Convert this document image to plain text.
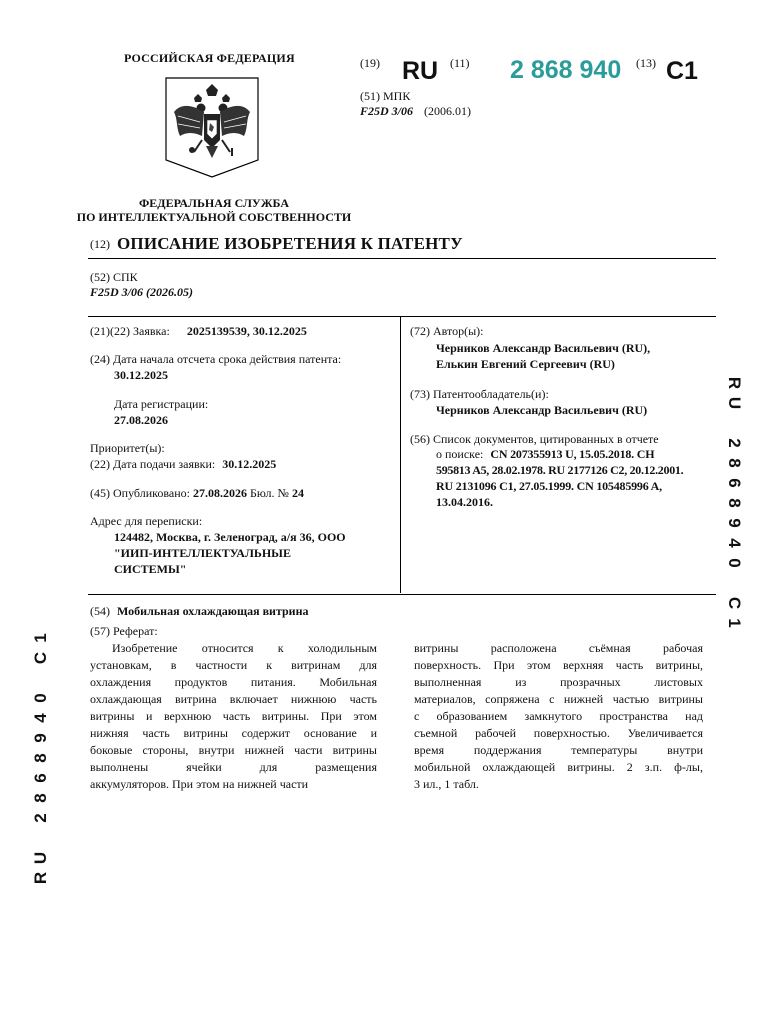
РОССИЙСКАЯ ФЕДЕРАЦИЯ
ФЕДЕРАЛЬНАЯ СЛУЖБА
ПО ИНТЕЛЛЕКТУАЛЬНОЙ СОБСТВЕННОСТИ
(19) RU (11) 2 868 940 (13) C1
(51) МПК
F25D 3/06 (2006.01)
(12) ОПИСАНИЕ ИЗОБРЕТЕНИЯ К ПАТЕНТУ
(52) СПК
F25D 3/06 (2026.05)
(21)(22) Заявка: 2025139539, 30.12.2025
(24) Дата начала отсчета срока действия патента:
30.12.2025
Дата регистрации:
27.08.2026
Приоритет(ы):
(22) Дата подачи заявки: 30.12.2025
(45) Опубликовано: 27.08.2026 Бюл. № 24
Адрес для переписки:
124482, Москва, г. Зеленоград, а/я 36, ООО
"ИИП-ИНТЕЛЛЕКТУАЛЬНЫЕ
СИСТЕМЫ"
(72) Автор(ы):
Черников Александр Васильевич (RU),
Елькин Евгений Сергеевич (RU)
(73) Патентообладатель(и):
Черников Александр Васильевич (RU)
(56) Список документов, цитированных в отчете
о поиске: CN 207355913 U, 15.05.2018. CH
595813 A5, 28.02.1978. RU 2177126 C2, 20.12.2001.
RU 2131096 C1, 27.05.1999. CN 105485996 A,
13.04.2016.
(54) Мобильная охлаждающая витрина
(57) Реферат:
Изобретение относится к холодильным
установкам, в частности к витринам для
охлаждения продуктов питания. Мобильная
охлаждающая витрина включает нижнюю часть
витрины и верхнюю часть витрины. При этом
нижняя часть витрины содержит основание и
боковые стороны, внутри нижней части витрины
выполнены ячейки для размещения
аккумуляторов. При этом на нижней части
витрины расположена съёмная рабочая
поверхность. При этом верхняя часть витрины,
выполненная из прозрачных листовых
материалов, сопряжена с нижней частью витрины
с образованием замкнутого пространства над
съемной рабочей поверхностью. Увеличивается
время поддержания температуры внутри
мобильной охлаждающей витрины. 2 з.п. ф-лы,
3 ил., 1 табл.
R
U
2
8
6
8
9
4
0
C
1
1
C
0
4
9
8
6
8
2
U
R
